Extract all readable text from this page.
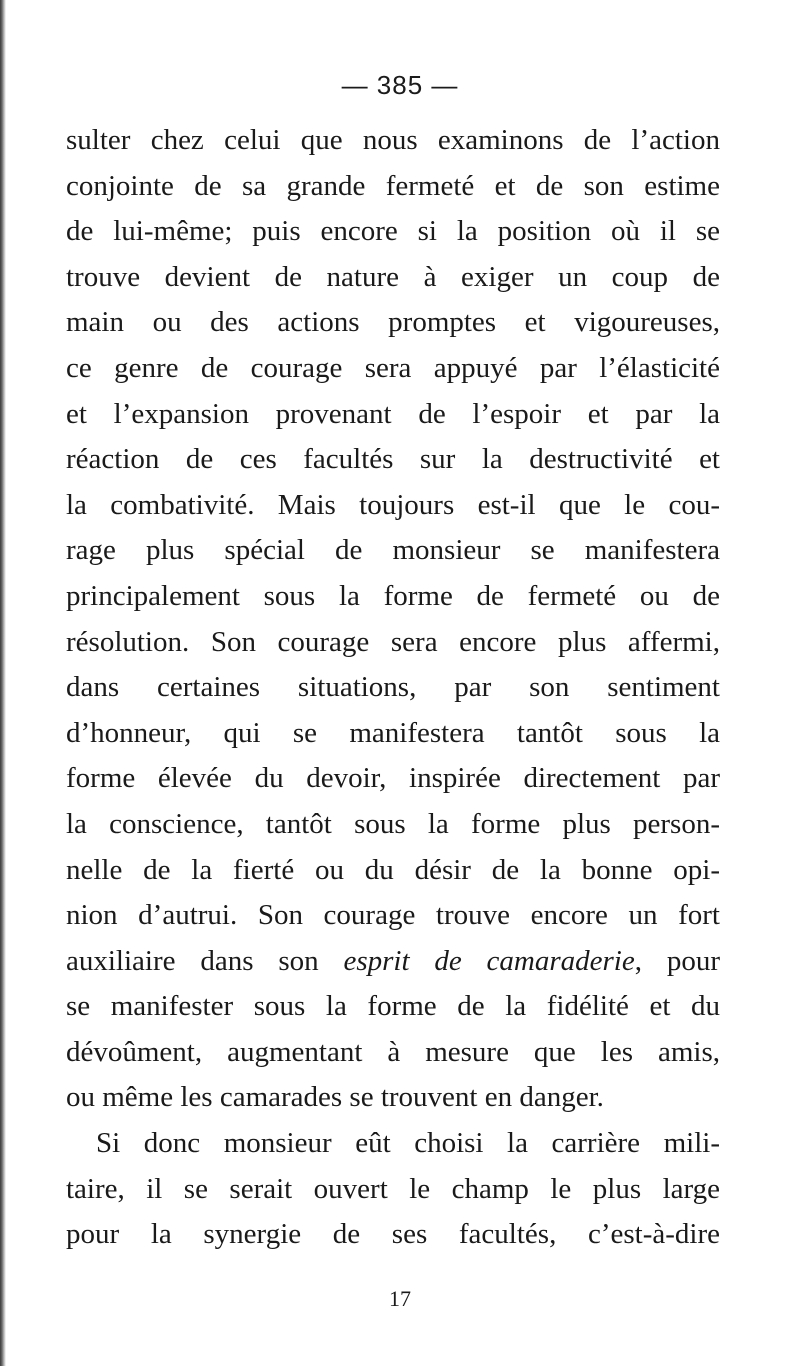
— 385 —
sulter chez celui que nous examinons de l’action
conjointe de sa grande fermeté et de son estime
de lui-même; puis encore si la position où il se
trouve devient de nature à exiger un coup de
main ou des actions promptes et vigoureuses,
ce genre de courage sera appuyé par l’élasticité
et l’expansion provenant de l’espoir et par la
réaction de ces facultés sur la destructivité et
la combativité. Mais toujours est-il que le cou-
rage plus spécial de monsieur se manifestera
principalement sous la forme de fermeté ou de
résolution. Son courage sera encore plus affermi,
dans certaines situations, par son sentiment
d’honneur, qui se manifestera tantôt sous la
forme élevée du devoir, inspirée directement par
la conscience, tantôt sous la forme plus person-
nelle de la fierté ou du désir de la bonne opi-
nion d’autrui. Son courage trouve encore un fort
auxiliaire dans son esprit de camaraderie, pour
se manifester sous la forme de la fidélité et du
dévoûment, augmentant à mesure que les amis,
ou même les camarades se trouvent en danger.
Si donc monsieur eût choisi la carrière mili-
taire, il se serait ouvert le champ le plus large
pour la synergie de ses facultés, c’est-à-dire
17
